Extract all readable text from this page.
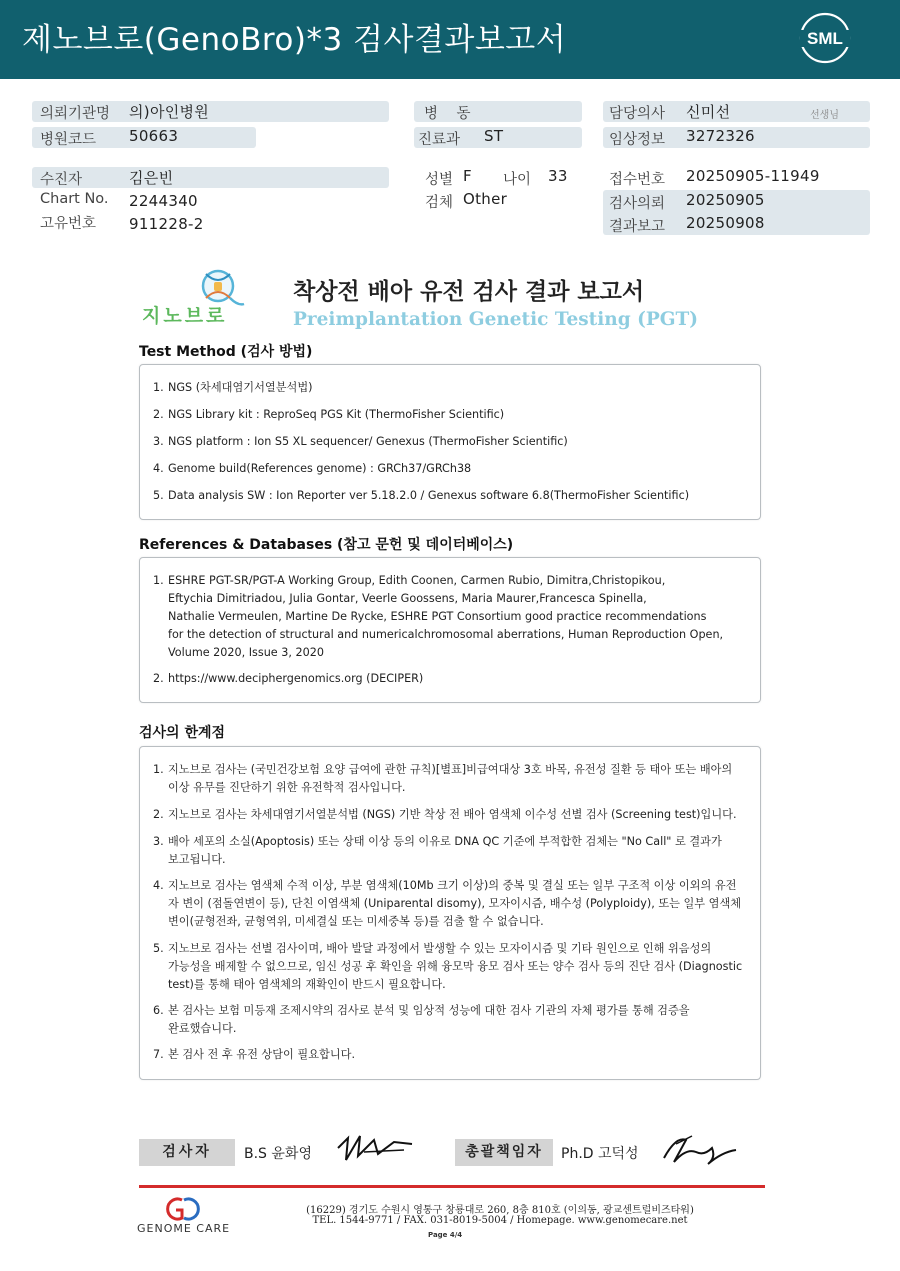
제노브로(GenoBro)*3 검사결과보고서	SML
의뢰기관명 의)아인병원
병원코드 50663
병    동
진료과 ST
담당의사 신미선	선생님
임상정보 3272326
수진자	김은빈
Chart No. 2244340
고유번호 911228-2
성별 F 나이 33
검체 Other
접수번호 20250905-11949
검사의뢰 20250905
결과보고 20250908
지노브로
착상전 배아 유전 검사 결과 보고서
Preimplantation Genetic Testing (PGT)
Test Method (검사 방법)
1. NGS (차세대염기서열분석법)
2. NGS Library kit : ReproSeq PGS Kit (ThermoFisher Scientific)
3. NGS platform : Ion S5 XL sequencer/ Genexus (ThermoFisher Scientific)
4. Genome build(References genome) : GRCh37/GRCh38
5. Data analysis SW : Ion Reporter ver 5.18.2.0 / Genexus software 6.8(ThermoFisher Scientific)
References & Databases (참고 문헌 및 데이터베이스)
1. ESHRE PGT-SR/PGT-A Working Group, Edith Coonen, Carmen Rubio, Dimitra,Christopikou,
Eftychia Dimitriadou, Julia Gontar, Veerle Goossens, Maria Maurer,Francesca Spinella,
Nathalie Vermeulen, Martine De Rycke, ESHRE PGT Consortium good practice recommendations
for the detection of structural and numericalchromosomal aberrations, Human Reproduction Open,
Volume 2020, Issue 3, 2020
2. https://www.deciphergenomics.org (DECIPER)
검사의 한계점
1. 지노브로 검사는 (국민건강보험 요양 급여에 관한 규칙)[별표]비급여대상 3호 바목, 유전성 질환 등 태아 또는 배아의
이상 유무를 진단하기 위한 유전학적 검사입니다.
2. 지노브로 검사는 차세대염기서열분석법 (NGS) 기반 착상 전 배아 염색체 이수성 선별 검사 (Screening test)입니다.
3. 배아 세포의 소실(Apoptosis) 또는 상태 이상 등의 이유로 DNA QC 기준에 부적합한 검체는 "No Call" 로 결과가
보고됩니다.
4. 지노브로 검사는 염색체 수적 이상, 부분 염색체(10Mb 크기 이상)의 중복 및 결실 또는 일부 구조적 이상 이외의 유전
자 변이 (점돌연변이 등), 단친 이염색체 (Uniparental disomy), 모자이시즘, 배수성 (Polyploidy), 또는 일부 염색체
변이(균형전좌, 균형역위, 미세결실 또는 미세중복 등)를 검출 할 수 없습니다.
5. 지노브로 검사는 선별 검사이며, 배아 발달 과정에서 발생할 수 있는 모자이시즘 및 기타 원인으로 인해 위음성의
가능성을 배제할 수 없으므로, 임신 성공 후 확인을 위해 융모막 융모 검사 또는 양수 검사 등의 진단 검사 (Diagnostic
test)를 통해 태아 염색체의 재확인이 반드시 필요합니다.
6. 본 검사는 보험 미등재 조제시약의 검사로 분석 및 임상적 성능에 대한 검사 기관의 자체 평가를 통해 검증을
완료했습니다.
7. 본 검사 전 후 유전 상담이 필요합니다.
검사자	B.S 윤화영	총괄책임자	Ph.D 고덕성
GENOME CARE
(16229) 경기도 수원시 영통구 창룡대로 260, 8층 810호 (이의동, 광교센트럴비즈타워)
TEL. 1544-9771 / FAX. 031-8019-5004 / Homepage. www.genomecare.net
Page 4/4
